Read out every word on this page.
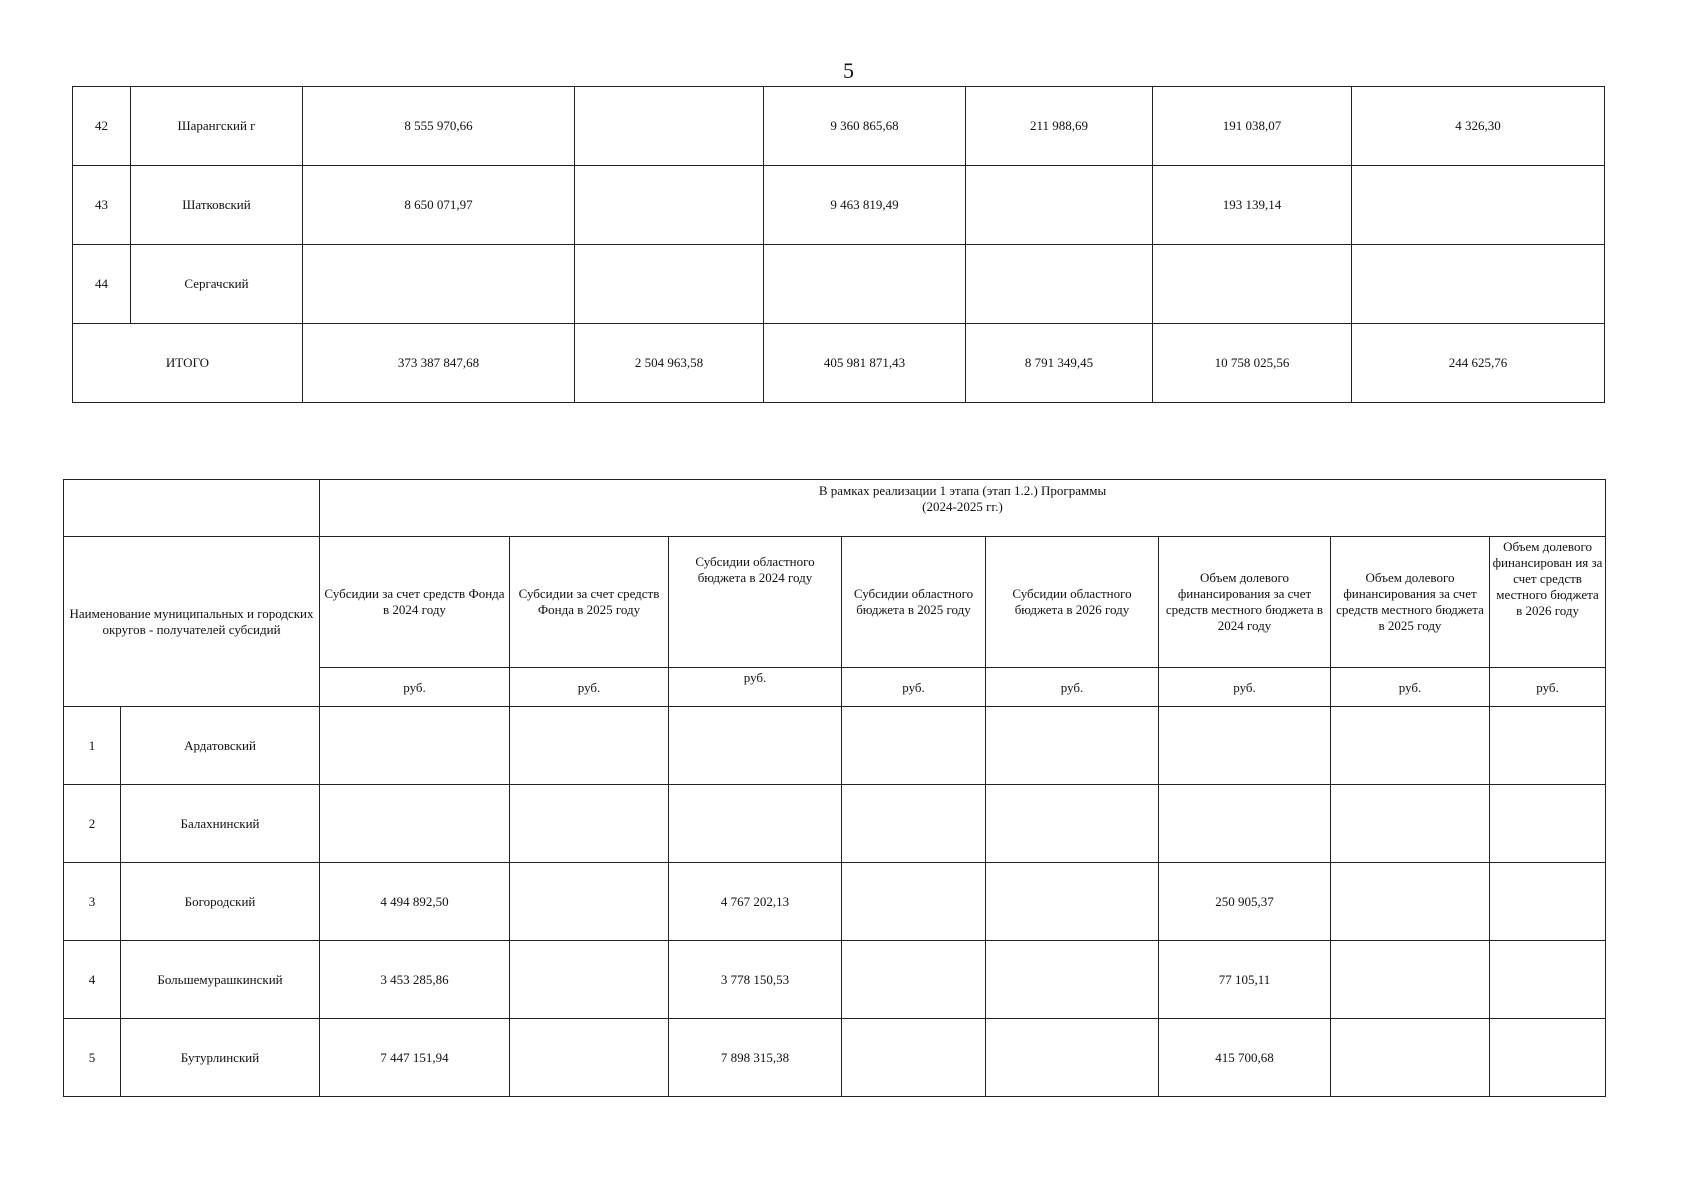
5
42	Шарангский г	8 555 970,66		9 360 865,68	211 988,69	191 038,07	4 326,30
43	Шатковский	8 650 071,97		9 463 819,49		193 139,14	
44	Сергачский						
ИТОГО		373 387 847,68	2 504 963,58	405 981 871,43	8 791 349,45	10 758 025,56	244 625,76
		В рамках реализации 1 этапа (этап 1.2.) Программы
(2024-2025 гг.)							
Наименование муниципальных и городских округов - получателей субсидий		Субсидии за счет средств Фонда в 2024 году	Субсидии за счет средств Фонда в 2025 году	Субсидии областного бюджета в 2024 году	Субсидии областного бюджета в 2025 году	Субсидии областного бюджета в 2026 году	Объем долевого финансирования за счет средств местного бюджета в 2024 году	Объем долевого финансирования за счет средств местного бюджета в 2025 году	Объем долевого финансирован ия за счет средств местного бюджета в 2026 году
		руб.	руб.	руб.	руб.	руб.	руб.	руб.	руб.
1	Ардатовский								
2	Балахнинский								
3	Богородский	4 494 892,50		4 767 202,13			250 905,37		
4	Большемурашкинский	3 453 285,86		3 778 150,53			77 105,11		
5	Бутурлинский	7 447 151,94		7 898 315,38			415 700,68		
